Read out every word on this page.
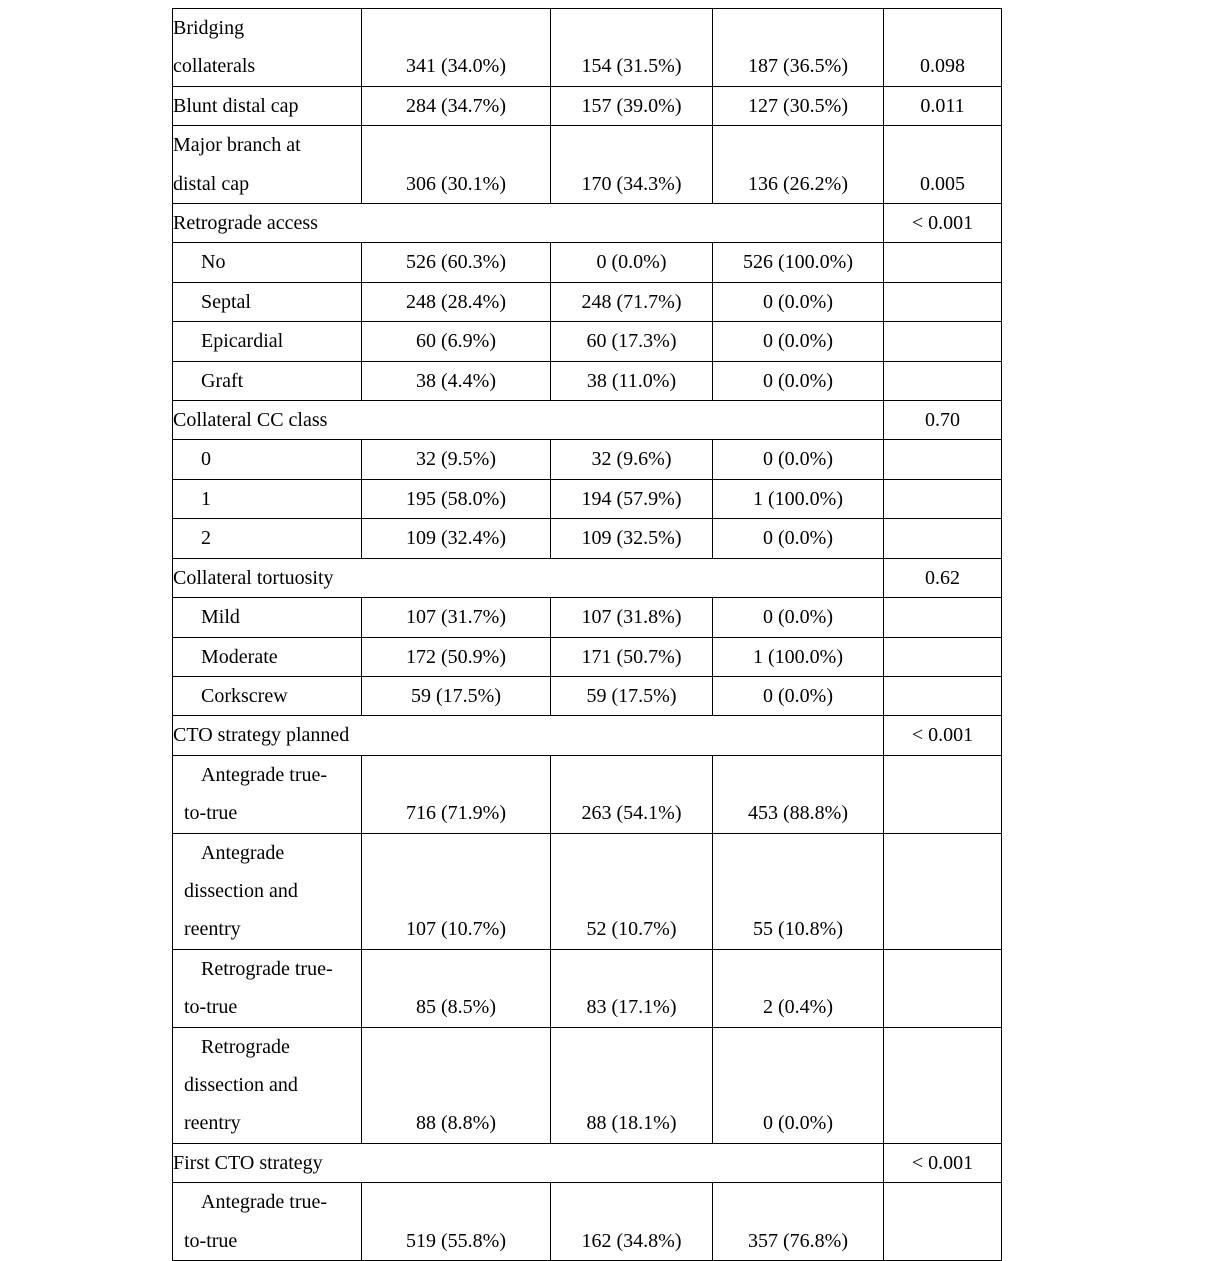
Bridging
collaterals	341 (34.0%)	154 (31.5%)	187 (36.5%)	0.098

Blunt distal cap	284 (34.7%)	157 (39.0%)	127 (30.5%)	0.011

Major branch at
distal cap	306 (30.1%)	170 (34.3%)	136 (26.2%)	0.005
Retrograde access				< 0.001

No	526 (60.3%)	0 (0.0%)	526 (100.0%)	

Septal	248 (28.4%)	248 (71.7%)	0 (0.0%)	

Epicardial	60 (6.9%)	60 (17.3%)	0 (0.0%)	

Graft	38 (4.4%)	38 (11.0%)	0 (0.0%)	
Collateral CC class				0.70

0	32 (9.5%)	32 (9.6%)	0 (0.0%)	

1	195 (58.0%)	194 (57.9%)	1 (100.0%)	

2	109 (32.4%)	109 (32.5%)	0 (0.0%)	
Collateral tortuosity				0.62

Mild	107 (31.7%)	107 (31.8%)	0 (0.0%)	

Moderate	172 (50.9%)	171 (50.7%)	1 (100.0%)	

Corkscrew	59 (17.5%)	59 (17.5%)	0 (0.0%)	
CTO strategy planned				< 0.001

Antegrade true-
to-true	716 (71.9%)	263 (54.1%)	453 (88.8%)	

Antegrade
dissection and
reentry	107 (10.7%)	52 (10.7%)	55 (10.8%)	

Retrograde true-
to-true	85 (8.5%)	83 (17.1%)	2 (0.4%)	

Retrograde
dissection and
reentry	88 (8.8%)	88 (18.1%)	0 (0.0%)	
First CTO strategy				< 0.001

Antegrade true-
to-true	519 (55.8%)	162 (34.8%)	357 (76.8%)	
